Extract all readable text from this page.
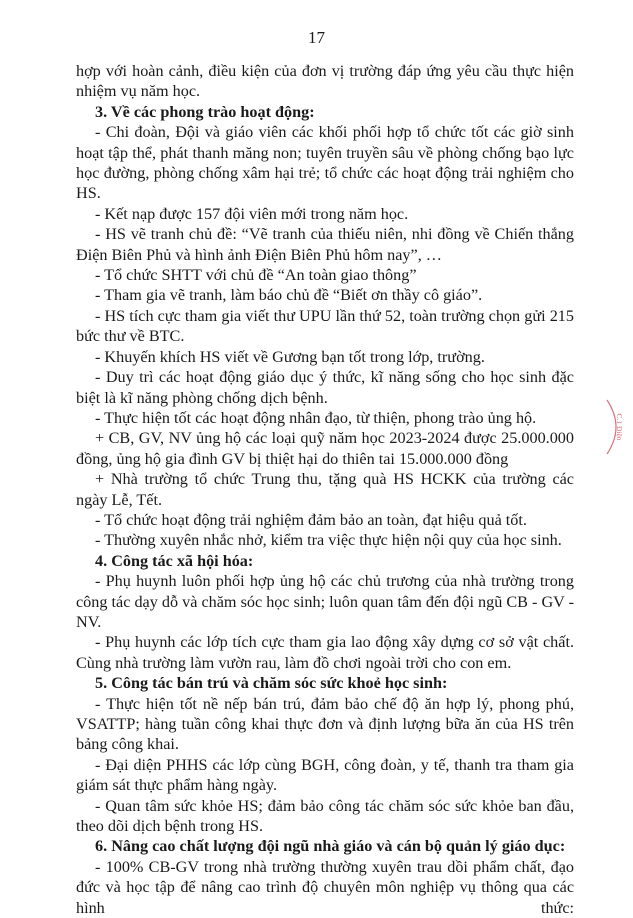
17

hợp với hoàn cảnh, điều kiện của đơn vị trường đáp ứng yêu cầu thực hiện nhiệm vụ năm học.

3. Về các phong trào hoạt động:

- Chi đoàn, Đội và giáo viên các khối phối hợp tổ chức tốt các giờ sinh hoạt tập thể, phát thanh măng non; tuyên truyền sâu về phòng chống bạo lực học đường, phòng chống xâm hại trẻ; tổ chức các hoạt động trải nghiệm cho HS.

- Kết nạp được 157 đội viên mới trong năm học.

- HS vẽ tranh chủ đề: “Vẽ tranh của thiếu niên, nhi đồng về Chiến thắng Điện Biên Phủ và hình ảnh Điện Biên Phủ hôm nay”, …

- Tổ chức SHTT với chủ đề “An toàn giao thông”

- Tham gia vẽ tranh, làm báo chủ đề “Biết ơn thầy cô giáo”.

- HS tích cực tham gia viết thư UPU lần thứ 52, toàn trường chọn gửi 215 bức thư về BTC.

- Khuyến khích HS viết về Gương bạn tốt trong lớp, trường.

- Duy trì các hoạt động giáo dục ý thức, kĩ năng sống cho học sinh đặc biệt là kĩ năng phòng chống dịch bệnh.

- Thực hiện tốt các hoạt động nhân đạo, từ thiện, phong trào ủng hộ.

+ CB, GV, NV ủng hộ các loại quỹ năm học 2023-2024 được 25.000.000 đồng, ủng hộ gia đình GV bị thiệt hại do thiên tai 15.000.000 đồng

+ Nhà trường tổ chức Trung thu, tặng quà HS HCKK của trường các ngày Lễ, Tết.

- Tổ chức hoạt động trải nghiệm đảm bảo an toàn, đạt hiệu quả tốt.

- Thường xuyên nhắc nhở, kiểm tra việc thực hiện nội quy của học sinh.

4. Công tác xã hội hóa:

- Phụ huynh luôn phối hợp ủng hộ các chủ trương của nhà trường trong công tác dạy dỗ và chăm sóc học sinh; luôn quan tâm đến đội ngũ CB - GV - NV.

- Phụ huynh các lớp tích cực tham gia lao động xây dựng cơ sở vật chất. Cùng nhà trường làm vườn rau, làm đồ chơi ngoài trời cho con em.

5. Công tác bán trú và chăm sóc sức khoẻ học sinh:

- Thực hiện tốt nề nếp bán trú, đảm bảo chế độ ăn hợp lý, phong phú, VSATTP; hàng tuần công khai thực đơn và định lượng bữa ăn của HS trên bảng công khai.

- Đại diện PHHS các lớp cùng BGH, công đoàn, y tế, thanh tra tham gia giám sát thực phẩm hàng ngày.

- Quan tâm sức khỏe HS; đảm bảo công tác chăm sóc sức khỏe ban đầu, theo dõi dịch bệnh trong HS.

6. Nâng cao chất lượng đội ngũ nhà giáo và cán bộ quản lý giáo dục:

- 100% CB-GV trong nhà trường thường xuyên trau dồi phẩm chất, đạo đức và học tập để nâng cao trình độ chuyên môn nghiệp vụ thông qua các hình thức:

C.1 Điện
